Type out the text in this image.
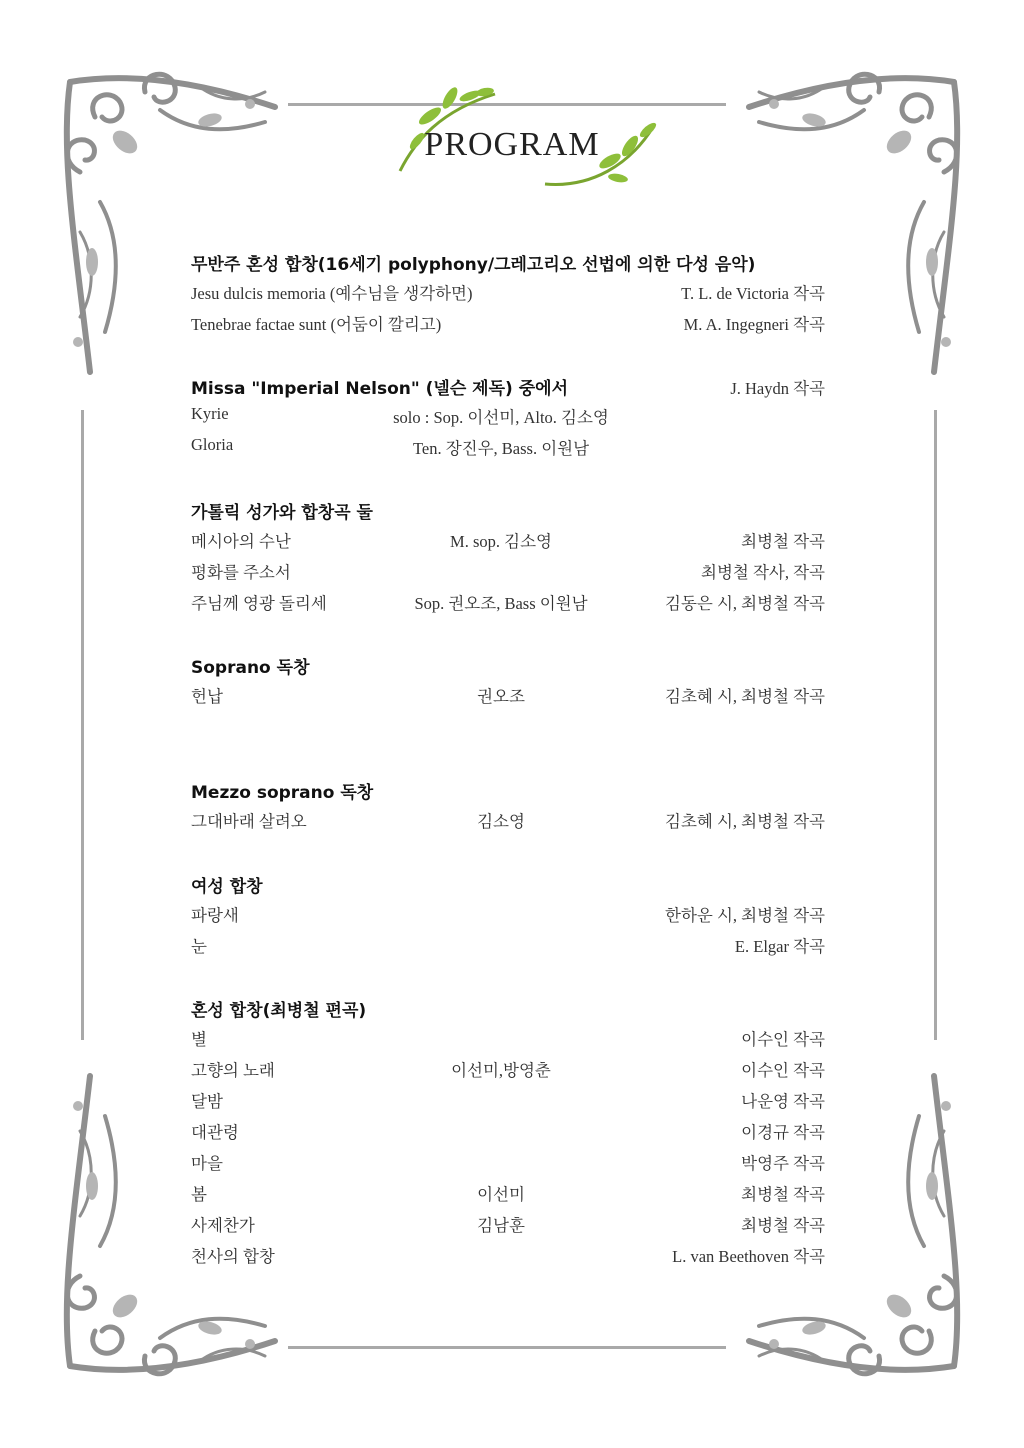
PROGRAM
무반주 혼성 합창(16세기 polyphony/그레고리오 선법에 의한 다성 음악)
Jesu dulcis memoria (예수님을 생각하면)	T. L. de Victoria 작곡
Tenebrae factae sunt (어둠이 깔리고)	M. A. Ingegneri 작곡
Missa "Imperial Nelson" (넬슨 제독) 중에서	J. Haydn 작곡
Kyrie	solo : Sop. 이선미, Alto. 김소영
Gloria	Ten. 장진우, Bass. 이원남
가톨릭 성가와 합창곡 둘
메시아의 수난	M. sop. 김소영	최병철 작곡
평화를 주소서	최병철 작사, 작곡
주님께 영광 돌리세	Sop. 권오조, Bass 이원남	김동은 시, 최병철 작곡
Soprano 독창
헌납	권오조	김초혜 시, 최병철 작곡
Mezzo soprano 독창
그대바래 살려오	김소영	김초혜 시, 최병철 작곡
여성 합창
파랑새	한하운 시, 최병철 작곡
눈	E. Elgar 작곡
혼성 합창(최병철 편곡)
별	이수인 작곡
고향의 노래	이선미,방영춘	이수인 작곡
달밤	나운영 작곡
대관령	이경규 작곡
마을	박영주 작곡
봄	이선미	최병철 작곡
사제찬가	김남훈	최병철 작곡
천사의 합창	L. van Beethoven 작곡
